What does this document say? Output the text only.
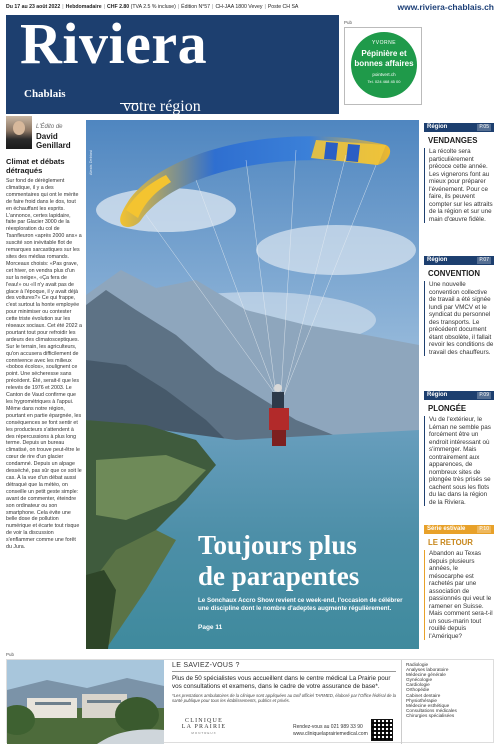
Du 17 au 23 août 2022 | Hebdomadaire | CHF 2.80 (TVA 2.5 % incluse) | Édition N°57 | CH-JAA 1800 Vevey | Poste CH SA	www.riviera-chablais.ch
Riviera
Chablais
votre région
Pub
YVORNE
Pépinière et
bonnes affaires
pointvert.ch
Tel. 024 468 45 00
L'Édito de
David
Genillard
Climat et débats détraqués
Sur fond de dérèglement climatique, il y a des commentaires qui ont le mérite de faire froid dans le dos, tout en échauffant les esprits. L'annonce, certes lapidaire, faite par Glacier 3000 de la réexploration du col de Tsanfleuron «après 2000 ans» a suscité son inévitable flot de remarques sarcastiques sur les sites des médias romands. Morceaux choisis: «Pas grave, cet hiver, on vendra plus d'un sur la neige», «Ça fera de l'eau!» ou «Il n'y avait pas de glace à l'époque, il y avait déjà des voitures?» Ce qui frappe, c'est surtout la honte employée pour minimiser ou contester cette triste évolution sur les réseaux sociaux. Cet été 2022 a pourtant tout pour refroidir les ardeurs des climatosceptiques. Sur le terrain, les agriculteurs, qu'on accusera difficilement de connivence avec les milieux «bobos écolos», soulignent ce point. Une sécheresse sans précédent. Été, serait-il que les relevés de 1976 et 2003. Le Canton de Vaud confirme que les hygrométriques à l'appui. Même dans notre région, pourtant en partie épargnée, les conséquences se font sentir et les producteurs s'attendent à des répercussions à plus long terme. Depuis un bureau climatisé, on trouve peut-être le cœur de rire d'un glacier condamné. Depuis un alpage desséché, pas sûr que ce soit le cas. À la vue d'un débat aussi détraqué que la météo, on conseille un petit geste simple: avant de commenter, éteindre son ordinateur ou son smartphone. Cela évite une belle dose de pollution numérique et écarte tout risque de voir la discussion s'enflammer comme une forêt du Jura.
Alexis Debiasi
Toujours plus
de parapentes
Le Sonchaux Accro Show revient ce week-end, l'occasion de célébrer une discipline dont le nombre d'adeptes augmente régulièrement.
Page 11
Région	P.05
VENDANGES
La récolte sera particulièrement précoce cette année. Les vignerons font au mieux pour préparer l'événement. Pour ce faire, ils peuvent compter sur les attraits de la région et sur une main d'œuvre fidèle.
Région	P.07
CONVENTION
Une nouvelle convention collective de travail a été signée lundi par VMCV et le syndicat du personnel des transports. Le précédent document étant obsolète, il fallait revoir les conditions de travail des chauffeurs.
Région	P.09
PLONGÉE
Vu de l'extérieur, le Léman ne semble pas forcément être un endroit intéressant où s'immerger. Mais contrairement aux apparences, de nombreux sites de plongée très prisés se cachent sous les flots du lac dans la région de la Riviera.
Série estivale	P.10
LE RETOUR
Abandon au Texas depuis plusieurs années, le mésocarphe est rachetés par une association de passionnés qui veut le ramener en Suisse. Mais comment sera-t-il un sous-marin tout rouillé depuis l'Amérique?
Pub
LE SAVIEZ-VOUS ?
Plus de 50 spécialistes vous accueillent dans le centre médical La Prairie pour vos consultations et examens, dans le cadre de votre assurance de base*.
*Les prestations ambulatoires de la clinique sont appliquées au tarif officiel TARMED, élaboré par l'Office fédéral de la santé publique pour tous les établissements, publics et privés.
CLINIQUE
LA PRAIRIE
MONTREUX
Rendez-vous au 021 989 33 90
www.cliniquelaprairiemedical.com
Radiologie
Analyses laboratoire
Médecine générale
Gynécologie
Cardiologie
Orthopédie
Cabinet dentaire
Physiothérapie
Médecine esthétique
Consultations médicales
Chirurgies spécialisées
